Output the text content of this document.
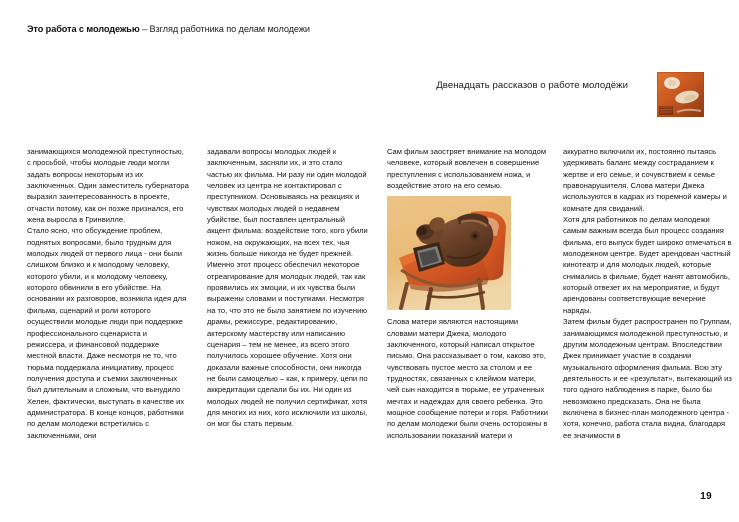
Это работа с молодежью – Взгляд работника по делам молодежи
Двенадцать рассказов о работе молодёжи

занимающихся молодежной преступностью, с просьбой, чтобы молодые люди могли задать вопросы некоторым из их заключенных. Один заместитель губернатора выразил заинтересованность в проекте, отчасти потому, как он позже признался, его жена выросла в Гринвилле.
Стало ясно, что обсуждение проблем, поднятых вопросами, было трудным для молодых людей от первого лица - они были слишком близко и к молодому человеку, которого убили, и к молодому человеку, которого обвинили в его убийстве. На основании их разговоров, возникла идея для фильма, сценарий и роли которого осуществили молодые люди при поддержке профессионального сценариста и режиссера, и финансовой поддержке местной власти. Даже несмотря не то, что тюрьма поддержала инициативу, процесс получения доступа и съемки заключенных был длительным и сложным, что вынудило Хелен, фактически, выступать в качестве их администратора. В конце концов, работники по делам молодежи встретились с заключенными, они

задавали вопросы молодых людей к заключенным, засняли их, и это стало частью их фильма. Ни разу ни один молодой человек из центра не контактировал с преступником. Основываясь на реакциях и чувствах молодых людей о недавнем убийстве, был поставлен центральный акцент фильма: воздействие того, кого убили ножом, на окружающих, на всех тех, чья жизнь больше никогда не будет прежней. Именно этот процесс обеспечил некоторое отреагирование для молодых людей, так как проявились их эмоции, и их чувства были выражены словами и поступками. Несмотря на то, что это не было занятием по изучению драмы, режиссуре, редактированию, актерскому мастерству или написанию сценария – тем не менее, из всего этого получилось хорошее обучение. Хотя они доказали важные способности, они никогда не были самоцелью – как, к примеру, цепи по аккредитации сделали бы их. Ни один из молодых людей не получил сертификат, хотя для многих из них, кого исключили из школы, он мог бы стать первым.

Сам фильм заостряет внимание на молодом человеке, который вовлечен в совершение преступления с использованием ножа, и воздействие этого на его семью.

Слова матери являются настоящими словами матери Джека, молодого заключенного, который написал открытое письмо. Она рассказывает о том, каково это, чувствовать пустое место за столом и ее трудностях, связанных с клеймом матери, чей сын находится в тюрьме, ее утраченных мечтах и надеждах для своего ребенка. Это мощное сообщение потери и горя. Работники по делам молодежи были очень осторожны в использовании показаний матери и

аккуратно включили их, постоянно пытаясь удерживать баланс между состраданием к жертве и его семье, и сочувствием к семье правонарушителя. Слова матери Джека используются в кадрах из тюремной камеры и комнате для свиданий.
Хотя для работников по делам молодежи самым важным всегда был процесс создания фильма, его выпуск будет широко отмечаться в молодежном центре. Будет арендован частный кинотеатр и для молодых людей, которые снимались в фильме, будет нанят автомобиль, который отвезет их на мероприятие, и будут арендованы соответствующие вечерние наряды.
Затем фильм будет распространен по Группам, занимающимся молодежной преступностью, и другим молодежным центрам. Впоследствии Джек принимает участие в создании музыкального оформления фильма. Всю эту деятельность и ее «результат», вытекающий из того одного наблюдения в парке, было бы невозможно предсказать. Она не была включена в бизнес-план молодежного центра - хотя, конечно, работа стала видна, благодаря ее значимости в

19
